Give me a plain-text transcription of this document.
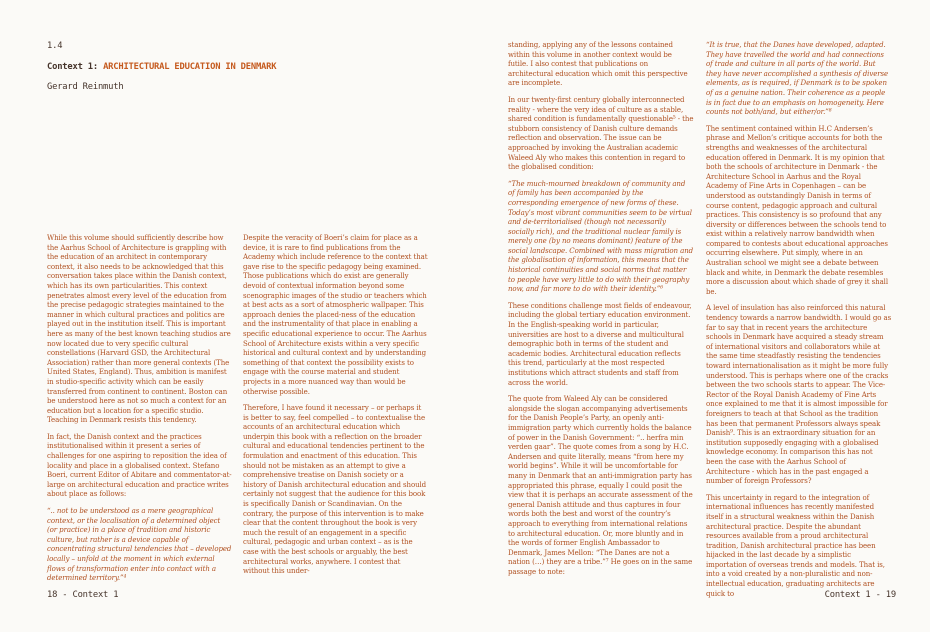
1.4
Context 1: ARCHITECTURAL EDUCATION IN DENMARK
Gerard Reinmuth

While this volume should sufficiently describe how the Aarhus School of Architecture is grappling with the education of an architect in contemporary context, it also needs to be acknowledged that this conversation takes place within the Danish context, which has its own particularities. This context penetrates almost every level of the education from the precise pedagogic strategies maintained to the manner in which cultural practices and politics are played out in the institution itself. This is important here as many of the best known teaching studios are now located due to very specific cultural constellations (Harvard GSD, the Architectural Association) rather than more general contexts (The United States, England). Thus, ambition is manifest in studio-specific activity which can be easily transferred from continent to continent. Boston can be understood here as not so much a context for an education but a location for a specific studio. Teaching in Denmark resists this tendency.

In fact, the Danish context and the practices institutionalised within it present a series of challenges for one aspiring to reposition the idea of locality and place in a globalised context. Stefano Boeri, current Editor of Abitare and commentator-at-large on architectural education and practice writes about place as follows:

“.. not to be understood as a mere geographical context, or the localisation of a determined object (or practice) in a place of tradition and historic culture, but rather is a device capable of concentrating structural tendencies that – developed locally – unfold at the moment in which external flows of transformation enter into contact with a determined territory.”⁴

Despite the veracity of Boeri’s claim for place as a device, it is rare to find publications from the Academy which include reference to the context that gave rise to the specific pedagogy being examined. Those publications which do exist are generally devoid of contextual information beyond some scenographic images of the studio or teachers which at best acts as a sort of atmospheric wallpaper. This approach denies the placed-ness of the education and the instrumentality of that place in enabling a specific educational experience to occur. The Aarhus School of Architecture exists within a very specific historical and cultural context and by understanding something of that context the possibility exists to engage with the course material and student projects in a more nuanced way than would be otherwise possible.

Therefore, I have found it necessary – or perhaps it is better to say, feel compelled – to contextualise the accounts of an architectural education which underpin this book with a reflection on the broader cultural and educational tendencies pertinent to the formulation and enactment of this education. This should not be mistaken as an attempt to give a comprehensive treatise on Danish society or a history of Danish architectural education and should certainly not suggest that the audience for this book is specifically Danish or Scandinavian. On the contrary, the purpose of this intervention is to make clear that the content throughout the book is very much the result of an engagement in a specific cultural, pedagogic and urban context – as is the case with the best schools or arguably, the best architectural works, anywhere. I contest that without this under-

standing, applying any of the lessons contained within this volume in another context would be futile. I also contest that publications on architectural education which omit this perspective are incomplete.

In our twenty-first century globally interconnected reality - where the very idea of culture as a stable, shared condition is fundamentally questionable⁵ - the stubborn consistency of Danish culture demands reflection and observation. The issue can be approached by invoking the Australian academic Waleed Aly who makes this contention in regard to the globalised condition:

“The much-mourned breakdown of community and of family has been accompanied by the corresponding emergence of new forms of these. Today’s most vibrant communities seem to be virtual and de-territorialised (though not necessarily socially rich), and the traditional nuclear family is merely one (by no means dominant) feature of the social landscape. Combined with mass migration and the globalisation of information, this means that the historical continuities and social norms that matter to people have very little to do with their geography now, and far more to do with their identity.”⁶

These conditions challenge most fields of endeavour, including the global tertiary education environment. In the English-speaking world in particular, universities are host to a diverse and multicultural demographic both in terms of the student and academic bodies. Architectural education reflects this trend, particularly at the most respected institutions which attract students and staff from across the world.

The quote from Waleed Aly can be considered alongside the slogan accompanying advertisements for the Danish People’s Party, an openly anti-immigration party which currently holds the balance of power in the Danish Government: “.. herfra min verden gaar”. The quote comes from a song by H.C. Andersen and quite literally, means “from here my world begins”. While it will be uncomfortable for many in Denmark that an anti-immigration party has appropriated this phrase, equally I could posit the view that it is perhaps an accurate assessment of the general Danish attitude and thus captures in four words both the best and worst of the country’s approach to everything from international relations to architectural education. Or, more bluntly and in the words of former English Ambassador to Denmark, James Mellon: “The Danes are not a nation (…) they are a tribe.”⁷ He goes on in the same passage to note:

“It is true, that the Danes have developed, adapted. They have travelled the world and had connections of trade and culture in all parts of the world. But they have never accomplished a synthesis of diverse elements, as is required, if Denmark is to be spoken of as a genuine nation. Their coherence as a people is in fact due to an emphasis on homogeneity. Here counts not both/and, but either/or.”⁸

The sentiment contained within H.C Andersen’s phrase and Mellon’s critique accounts for both the strengths and weaknesses of the architectural education offered in Denmark. It is my opinion that both the schools of architecture in Denmark - the Architecture School in Aarhus and the Royal Academy of Fine Arts in Copenhagen – can be understood as outstandingly Danish in terms of course content, pedagogic approach and cultural practices. This consistency is so profound that any diversity or differences between the schools tend to exist within a relatively narrow bandwidth when compared to contests about educational approaches occurring elsewhere. Put simply, where in an Australian school we might see a debate between black and white, in Denmark the debate resembles more a discussion about which shade of grey it shall be.

A level of insulation has also reinforced this natural tendency towards a narrow bandwidth. I would go as far to say that in recent years the architecture schools in Denmark have acquired a steady stream of international visitors and collaborators while at the same time steadfastly resisting the tendencies toward internationalisation as it might be more fully understood. This is perhaps where one of the cracks between the two schools starts to appear. The Vice-Rector of the Royal Danish Academy of Fine Arts once explained to me that it is almost impossible for foreigners to teach at that School as the tradition has been that permanent Professors always speak Danish⁹. This is an extraordinary situation for an institution supposedly engaging with a globalised knowledge economy. In comparison this has not been the case with the Aarhus School of Architecture - which has in the past engaged a number of foreign Professors?

This uncertainty in regard to the integration of international influences has recently manifested itself in a structural weakness within the Danish architectural practice. Despite the abundant resources available from a proud architectural tradition, Danish architectural practice has been hijacked in the last decade by a simplistic importation of overseas trends and models. That is, into a void created by a non-pluralistic and non-intellectual education, graduating architects are quick to

18 - Context 1	Context 1 - 19
